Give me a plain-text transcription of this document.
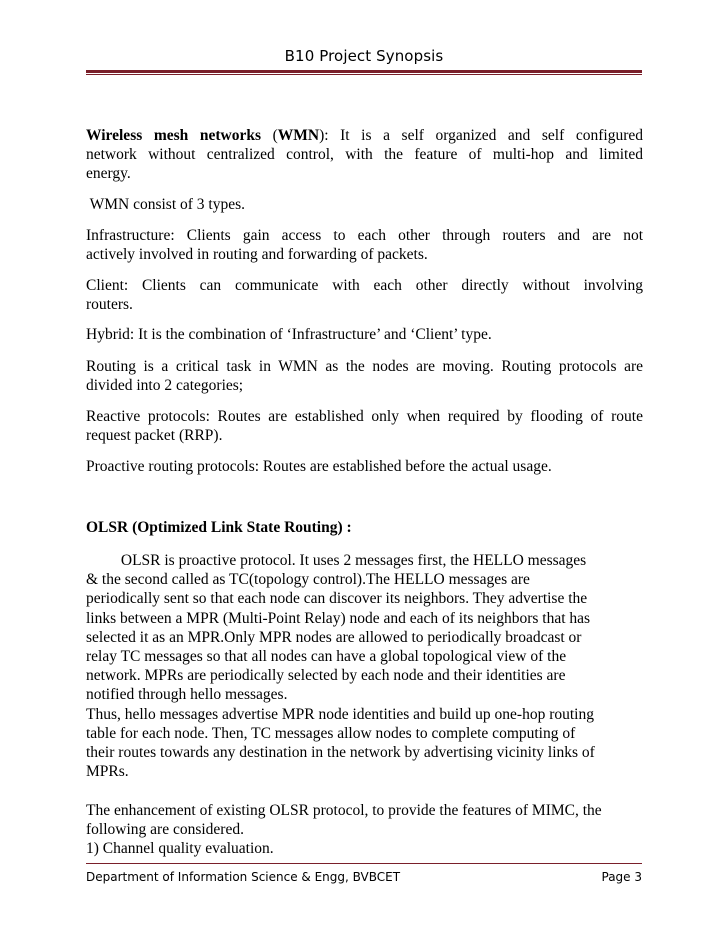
B10 Project Synopsis
Wireless mesh networks (WMN): It is a self organized and self configured
network without centralized control, with the feature of multi-hop and limited
energy.
WMN consist of 3 types.
Infrastructure: Clients gain access to each other through routers and are not
actively involved in routing and forwarding of packets.
Client: Clients can communicate with each other directly without involving
routers.
Hybrid: It is the combination of ‘Infrastructure’ and ‘Client’ type.
Routing is a critical task in WMN as the nodes are moving. Routing protocols are
divided into 2 categories;
Reactive protocols: Routes are established only when required by flooding of route
request packet (RRP).
Proactive routing protocols: Routes are established before the actual usage.
OLSR (Optimized Link State Routing) :
OLSR is proactive protocol. It uses 2 messages first, the HELLO messages
& the second called as TC(topology control).The HELLO messages are
periodically sent so that each node can discover its neighbors. They advertise the
links between a MPR (Multi-Point Relay) node and each of its neighbors that has
selected it as an MPR.Only MPR nodes are allowed to periodically broadcast or
relay TC messages so that all nodes can have a global topological view of the
network. MPRs are periodically selected by each node and their identities are
notified through hello messages.
Thus, hello messages advertise MPR node identities and build up one-hop routing
table for each node. Then, TC messages allow nodes to complete computing of
their routes towards any destination in the network by advertising vicinity links of
MPRs.
The enhancement of existing OLSR protocol, to provide the features of MIMC, the
following are considered.
1) Channel quality evaluation.
Department of Information Science & Engg, BVBCET	Page 3
